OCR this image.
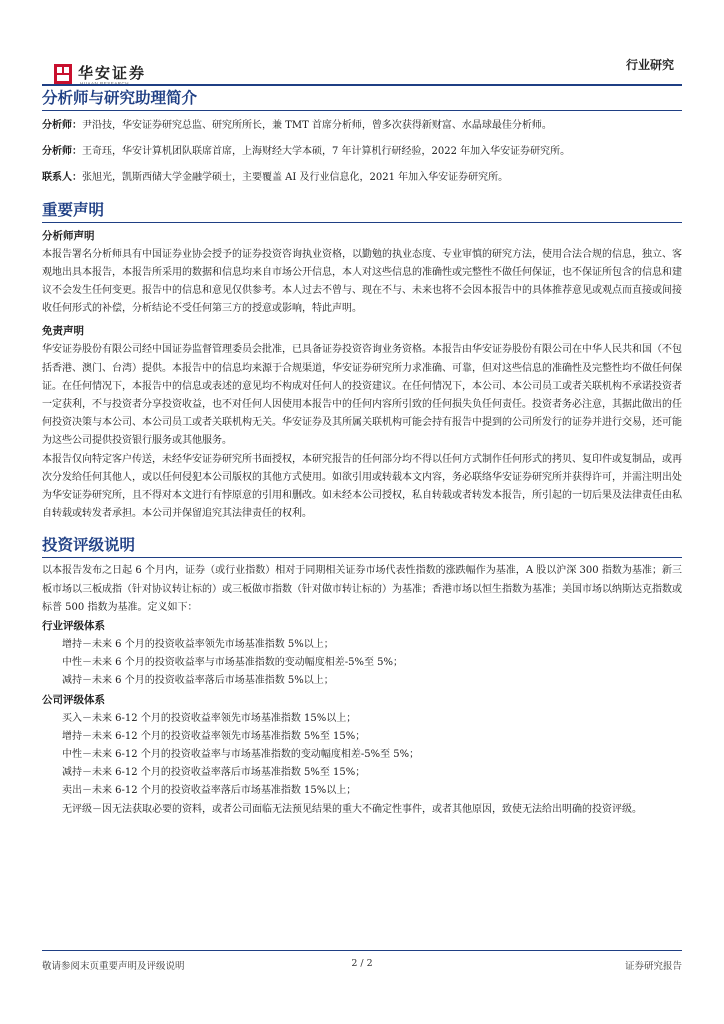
华安证券	行业研究
分析师与研究助理简介

分析师：尹沿技，华安证券研究总监、研究所所长，兼 TMT 首席分析师，曾多次获得新财富、水晶球最佳分析师。

分析师：王奇珏，华安计算机团队联席首席，上海财经大学本硕，7 年计算机行研经验，2022 年加入华安证券研究所。

联系人：张旭光，凯斯西储大学金融学硕士，主要覆盖 AI 及行业信息化，2021 年加入华安证券研究所。

重要声明
分析师声明

本报告署名分析师具有中国证券业协会授予的证券投资咨询执业资格，以勤勉的执业态度、专业审慎的研究方法，使用合法合规的信息，独立、客观地出具本报告，本报告所采用的数据和信息均来自市场公开信息，本人对这些信息的准确性或完整性不做任何保证，也不保证所包含的信息和建议不会发生任何变更。报告中的信息和意见仅供参考。本人过去不曾与、现在不与、未来也将不会因本报告中的具体推荐意见或观点而直接或间接收任何形式的补偿，分析结论不受任何第三方的授意或影响，特此声明。

免责声明

华安证券股份有限公司经中国证券监督管理委员会批准，已具备证券投资咨询业务资格。本报告由华安证券股份有限公司在中华人民共和国（不包括香港、澳门、台湾）提供。本报告中的信息均来源于合规渠道，华安证券研究所力求准确、可靠，但对这些信息的准确性及完整性均不做任何保证。在任何情况下，本报告中的信息或表述的意见均不构成对任何人的投资建议。在任何情况下，本公司、本公司员工或者关联机构不承诺投资者一定获利，不与投资者分享投资收益，也不对任何人因使用本报告中的任何内容所引致的任何损失负任何责任。投资者务必注意，其据此做出的任何投资决策与本公司、本公司员工或者关联机构无关。华安证券及其所属关联机构可能会持有报告中提到的公司所发行的证券并进行交易，还可能为这些公司提供投资银行服务或其他服务。

本报告仅向特定客户传送，未经华安证券研究所书面授权，本研究报告的任何部分均不得以任何方式制作任何形式的拷贝、复印件或复制品，或再次分发给任何其他人，或以任何侵犯本公司版权的其他方式使用。如欲引用或转载本文内容，务必联络华安证券研究所并获得许可，并需注明出处为华安证券研究所，且不得对本文进行有悖原意的引用和删改。如未经本公司授权，私自转载或者转发本报告，所引起的一切后果及法律责任由私自转载或转发者承担。本公司并保留追究其法律责任的权利。

投资评级说明

以本报告发布之日起 6 个月内，证券（或行业指数）相对于同期相关证券市场代表性指数的涨跌幅作为基准，A 股以沪深 300 指数为基准；新三板市场以三板成指（针对协议转让标的）或三板做市指数（针对做市转让标的）为基准；香港市场以恒生指数为基准；美国市场以纳斯达克指数或标普 500 指数为基准。定义如下：

行业评级体系

增持－未来 6 个月的投资收益率领先市场基准指数 5%以上；

中性－未来 6 个月的投资收益率与市场基准指数的变动幅度相差-5%至 5%；

减持－未来 6 个月的投资收益率落后市场基准指数 5%以上；

公司评级体系

买入－未来 6-12 个月的投资收益率领先市场基准指数 15%以上；

增持－未来 6-12 个月的投资收益率领先市场基准指数 5%至 15%；

中性－未来 6-12 个月的投资收益率与市场基准指数的变动幅度相差-5%至 5%；

减持－未来 6-12 个月的投资收益率落后市场基准指数 5%至 15%；

卖出－未来 6-12 个月的投资收益率落后市场基准指数 15%以上；

无评级－因无法获取必要的资料，或者公司面临无法预见结果的重大不确定性事件，或者其他原因，致使无法给出明确的投资评级。

敬请参阅末页重要声明及评级说明	2 / 2	证券研究报告
